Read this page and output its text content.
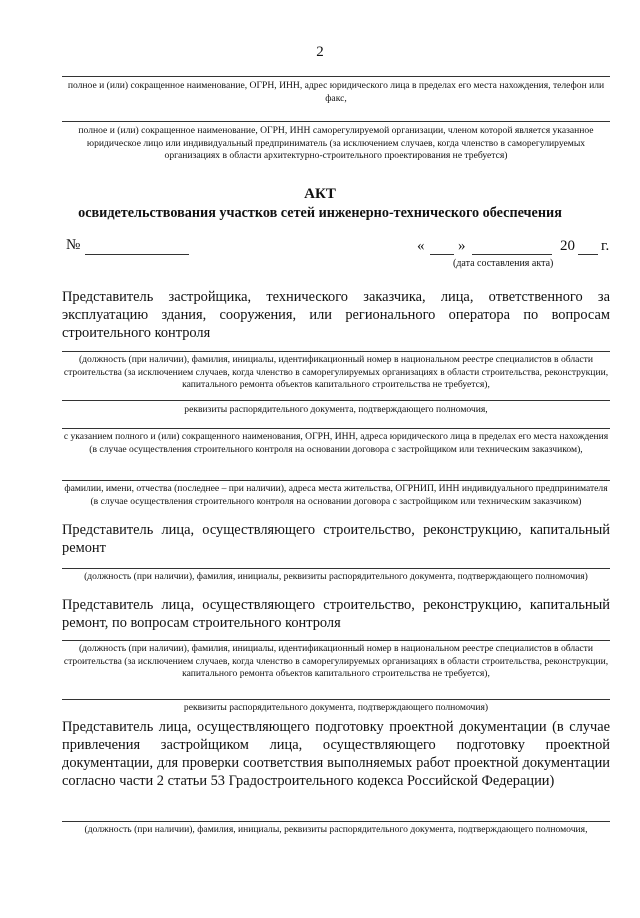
2
полное и (или) сокращенное наименование, ОГРН, ИНН, адрес юридического лица в пределах его места нахождения, телефон или факс,
полное и (или) сокращенное наименование, ОГРН, ИНН саморегулируемой организации, членом которой является указанное юридическое лицо или индивидуальный предприниматель (за исключением случаев, когда членство в саморегулируемых организациях в области архитектурно-строительного проектирования не требуется)
АКТ
освидетельствования участков сетей инженерно-технического обеспечения
№	« »	20 г.
(дата составления акта)
Представитель застройщика, технического заказчика, лица, ответственного за эксплуатацию здания, сооружения, или регионального оператора по вопросам строительного контроля
(должность (при наличии), фамилия, инициалы, идентификационный номер в национальном реестре специалистов в области строительства (за исключением случаев, когда членство в саморегулируемых организациях в области строительства, реконструкции, капитального ремонта объектов капитального строительства не требуется),
реквизиты распорядительного документа, подтверждающего полномочия,
с указанием полного и (или) сокращенного наименования, ОГРН, ИНН, адреса юридического лица в пределах его места нахождения (в случае осуществления строительного контроля на основании договора с застройщиком или техническим заказчиком),
фамилии, имени, отчества (последнее – при наличии), адреса места жительства, ОГРНИП, ИНН индивидуального предпринимателя (в случае осуществления строительного контроля на основании договора с застройщиком или техническим заказчиком)
Представитель лица, осуществляющего строительство, реконструкцию, капитальный ремонт
(должность (при наличии), фамилия, инициалы, реквизиты распорядительного документа, подтверждающего полномочия)
Представитель лица, осуществляющего строительство, реконструкцию, капитальный ремонт, по вопросам строительного контроля
(должность (при наличии), фамилия, инициалы, идентификационный номер в национальном реестре специалистов в области строительства (за исключением случаев, когда членство в саморегулируемых организациях в области строительства, реконструкции, капитального ремонта объектов капитального строительства не требуется),
реквизиты распорядительного документа, подтверждающего полномочия)
Представитель лица, осуществляющего подготовку проектной документации (в случае привлечения застройщиком лица, осуществляющего подготовку проектной документации, для проверки соответствия выполняемых работ проектной документации согласно части 2 статьи 53 Градостроительного кодекса Российской Федерации)
(должность (при наличии), фамилия, инициалы, реквизиты распорядительного документа, подтверждающего полномочия,
